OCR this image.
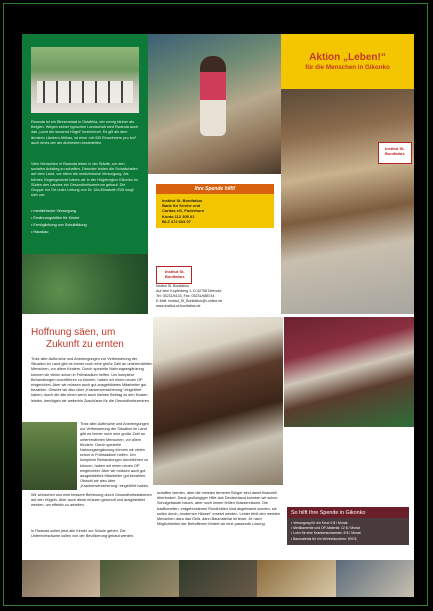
Rwanda ist ein Binnenstaat in Ostafrika, der wenig kleiner als Belgien. Wegen seiner typischen Landschaft wird Rwanda auch das „Land der tausend Hügel“ bezeichnet. Es gilt als dem ärmsten Ländern Afrikas, ist einer mit 430 Einwohnern pro km² auch eines der am dichtesten besiedelten.

Viele Menschen in Rwanda leben in der Städte, um den sozialen Aufstieg zu schaffen. Darunter leiden die Schwächsten auf dem Land, vor allem die medizinische Versorgung. Als kleines Gegengewicht haben wir in der Hügelregion Gikonko im Süden des Landes ein Gesundheitszentrum gebaut. Die Gruppe vor Ort unter Leitung von Dr. Uta-Elisabeth Eliß sorgt sich um:

• medizinische Versorgung
• Ernährungshilfen für Kinder
• Ermöglichung von Schulbildung
• Hauskau
Ihre Spende hilft!
Institut St. Bonifatius
Bank für Kirche und
Caritas eG, Paderborn
Konto 112 305 01
BLZ 472 603 07
Institut St. Bonifatius
Institut St. Bonifatius
Auf dem Kupferberg 1, D-32758 Detmold
Tel: 05231/6133, Fax: 05231/688744
E-Mail: Institut_St_Bonifatius@t-online.de
www.institut-st-bonifatius.de
Aktion „Leben!“
für die Menschen in Gikonko
Institut St. Bonifatius
Hoffnung säen, um
Zukunft zu ernten
Trotz aller Aufbrüche und Anstrengungen zur Verbesserung der Situation im Land gibt es immer noch eine große Zahl an unterernährten Menschen, vor allem Kindern. Durch spezielle Nahrungsergänzung können wir vielen schon in Frühstadium helfen. Um komplexe Behandlungen durchführen zu können, haben wir einen neuen OP eingerichtet. Aber wir müssen auch gut ausgebildetes Mitarbeiter gut bezahlen. Obwohl wir also über „Krankenversicherung“ eingeführt haben, durch die alle einen wenn auch kleinen Beitrag zu den Kosten leisten, benötigen wir weiterhin Zuschüsse für die Gesundheitszentren.
Trotz aller Aufbrüche und Anstrengungen zur Verbesserung der Situation im Land gibt es immer noch eine große Zahl an unterernährten Menschen, vor allem Kindern. Durch spezielle Nahrungsergänzung können wir vielen schon in Frühstadium helfen. Um komplexe Behandlungen durchführen zu können, haben wir einen neuen OP eingerichtet. Aber wir müssen auch gut ausgebildetes Mitarbeiter gut bezahlen. Obwohl wir also über „Krankenversicherung“ eingeführt haben,
Wir wünschen uns eine bessere Betreuung durch Gesundheitsstationen auf den Hügeln. Aber auch diese müssen geschult und ausgestattet werden, um effektiv zu arbeiten.
In Rwanda sollen jetzt alle Kinder zur Schule gehen. Die Unterrichtsräume sollen von der Bevölkerung gebaut werden.
schaffen werden, aber die meisten ärmeren Bürger sind damit finanziell überfordert. Dank großzügiger Hilfe aus Deutschland konnten wir schon Schulgebäude bauen, aber noch immer fehlen Klassenräume. Die traditionellen, erdgebundenen Rundhütten sind abgebrannt worden, sie sollen durch „modernen Häuser“ ersetzt werden. Leider fehlt den meisten Menschen dazu das Geld, dann Baumaterial ist teuer. Je nach Möglichkeiten der Betroffenen fördert wir eine passende Lösung.
So hilft Ihre Spende in Gikonko
• Versorgung für ein Kind: 6 $ / Monat
• Medikamente und OP-Material: 12 $ / Monat
• Lohn für eine Krankenschwester: 8 $ / Monat
• Baumaterial für ein Wohnhäuschen: 500 $
